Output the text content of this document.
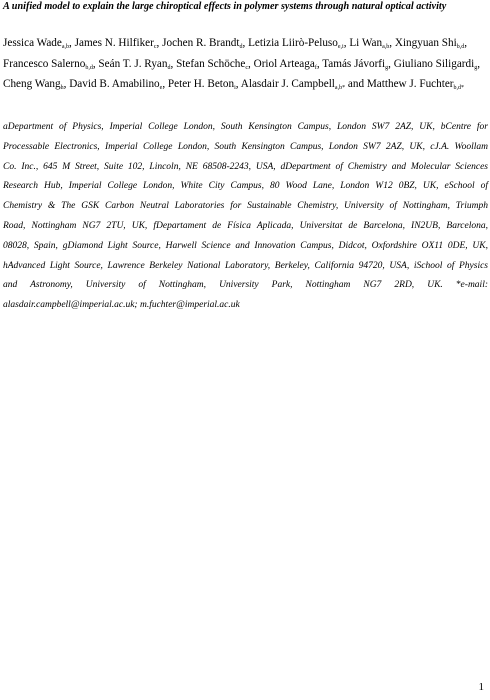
A unified model to explain the large chiroptical effects in polymer systems through natural optical activity

Jessica Wade$_{a,b}$, James N. Hilfiker$_c$, Jochen R. Brandt$_d$, Letizia Liirò-Peluso$_{e,i}$, Li Wan$_{a,b}$, Xingyuan Shi$_{b,d}$,

Francesco Salerno$_{b,d}$, Seán T. J. Ryan$_d$, Stefan Schöche$_c$, Oriol Arteaga$_f$, Tamás Jávorfi$_g$, Giuliano Siligardi$_g$,

Cheng Wang$_h$, David B. Amabilino$_e$, Peter H. Beton$_i$, Alasdair J. Campbell$_{a,b*}$ and Matthew J. Fuchter$_{b,d*}$

aDepartment of Physics, Imperial College London, South Kensington Campus, London SW7 2AZ, UK, bCentre for
Processable Electronics, Imperial College London, South Kensington Campus, London SW7 2AZ, UK, cJ.A. Woollam
Co. Inc., 645 M Street, Suite 102, Lincoln, NE 68508-2243, USA, dDepartment of Chemistry and Molecular Sciences
Research Hub, Imperial College London, White City Campus, 80 Wood Lane, London W12 0BZ, UK, eSchool of
Chemistry & The GSK Carbon Neutral Laboratories for Sustainable Chemistry, University of Nottingham, Triumph
Road, Nottingham NG7 2TU, UK, fDepartament de Física Aplicada, Universitat de Barcelona, IN2UB, Barcelona,
08028, Spain, gDiamond Light Source, Harwell Science and Innovation Campus, Didcot, Oxfordshire OX11 0DE, UK,
hAdvanced Light Source, Lawrence Berkeley National Laboratory, Berkeley, California 94720, USA, iSchool of Physics
and Astronomy, University of Nottingham, University Park, Nottingham NG7 2RD, UK. *e-mail:
alasdair.campbell@imperial.ac.uk; m.fuchter@imperial.ac.uk
1
